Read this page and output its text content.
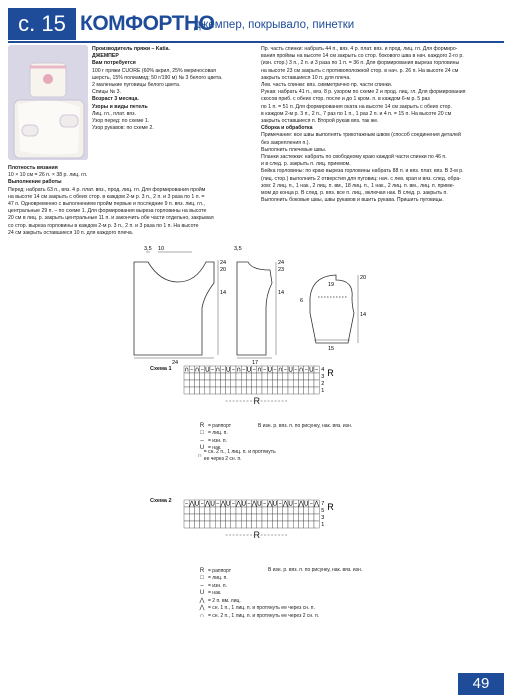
с. 15 КОМФОРТНО
джемпер, покрывало, пинетки

Производитель пряжи – Katia.

ДЖЕМПЕР

Вам потребуется

100 г пряжи CUORE (60% акрил, 25% мериносовая

шерсть, 15% полиамид; 50 г/190 м) № 3 белого цвета.

2 маленькие пуговицы белого цвета.

Спицы № 3.

Возраст 3 месяца.

Узоры и виды петель

Лиц. гл., плат. вяз.

Узор перед: по схеме 1.

Узор рукавов: по схеме 2.

Плотность вязания

10 × 10 см = 26 п. × 38 р. лиц. гл.

Выполнение работы

Перед: набрать 63 п., вяз. 4 р. плат. вяз., прод. лиц. гл. Для формирования пройм

на высоте 14 см закрыть с обеих стор. в каждом 2-м р. 3 п., 2 п. и 3 раза по 1 п. =

47 п. Одновременно с выполнением пройм первые и последние 9 п. вяз. лиц. гл.,

центральные 29 п. – по схеме 1. Для формирования выреза горловины на высоте

20 см в лиц. р. закрыть центральные 11 п. и закончить обе части отдельно, закрывая

со стор. выреза горловины в каждом 2-м р. 3 п., 2 п. и 3 раза по 1 п. На высоте

24 см закрыть оставшиеся 10 п. для каждого плеча.

Пр. часть спинки: набрать 44 п., вяз. 4 р. плат. вяз. и прод. лиц. гл. Для формиро-

вания проймы на высоте 14 см закрыть со стор. бокового шва в нач. каждого 2-го р.

(изн. стор.) 3 п., 2 п. и 3 раза по 1 п. = 36 п. Для формирования выреза горловины

на высоте 23 см закрыть с противоположной стор. в нач. р. 26 п. На высоте 24 см

закрыть оставшиеся 10 п. для плеча.

Лев. часть спинки: вяз. симметрично пр. части спинки.

Рукав: набрать 41 п., вяз. 8 р. узором по схеме 2 и прод. лиц. гл. Для формирования

скосов приб. с обеих стор. после и до 1 кром. п. в каждом 6-м р. 5 раз

по 1 п. = 51 п. Для формирования оката на высоте 14 см закрыть с обеих стор.

в каждом 2-м р. 3 п., 2 п., 7 раз по 1 п., 1 раз 2 п. и 4 п. = 15 п. На высоте 20 см

закрыть оставшиеся п. Второй рукав вяз. так же.

Сборка и обработка

Примечание: все швы выполнять трикотажным швом (способ соединения деталей

без закрепления п.).

Выполнить плечевые швы.

Планки застежки: набрать по свободному краю каждой части спинки по 46 п.

и в след. р. закрыть п. лиц. приемом.

Бейка горловины: по краю выреза горловины набрать 88 п. и вяз. плат. вяз. В 3-м р.

(лиц. стор.) выполнить 2 отверстия для пуговиц: нач. с лев. края и вяз. след. обра-

зом: 2 лиц. п., 1 нак., 2 лиц. п. вм., 18 лиц. п., 1 нак., 2 лиц. п. вм., лиц. п. приме-

мом до конца р. В след. р. вяз. все п. лиц., включая нак. В след. р. закрыть п.

Выполнить боковые швы, швы рукавов и вшить рукава. Пришить пуговицы.

3,5 10
24
20
14
24
3,5
24
23
14
17
19
20
14
6
15
∩ – ∩ – U – ∩ – U – ∩ – U – ∩ – U – ∩ – U – ∩ – U – 4
3
2
1
R
R
– ⋀ U – ⋀ U – ⋀ U – ⋀ U – ⋀ U – ⋀ U – ⋀ U – ⋀ U – ⋀ 7
5
3
1
R
R
Схема 1
Схема 2
R = раппорт
□ = лиц. п.
– = изн. п.
U = нак.
∩
= сн. 2 п., 1 лиц. п. и протянуть ее через 2 сн. п.
В изн. р. вяз. п. по рисунку, нак. вяз. изн.
R = раппорт
□ = лиц. п.
– = изн. п.
U = нак.
⋀ = 2 п. вм. лиц.
⋀ = сн. 1 п., 1 лиц. п. и протянуть ее через сн. п.
∩ = сн. 2 п., 1 лиц. п. и протянуть ее через 2 сн. п.
В изн. р. вяз. п. по рисунку, нак. вяз. изн.
49
